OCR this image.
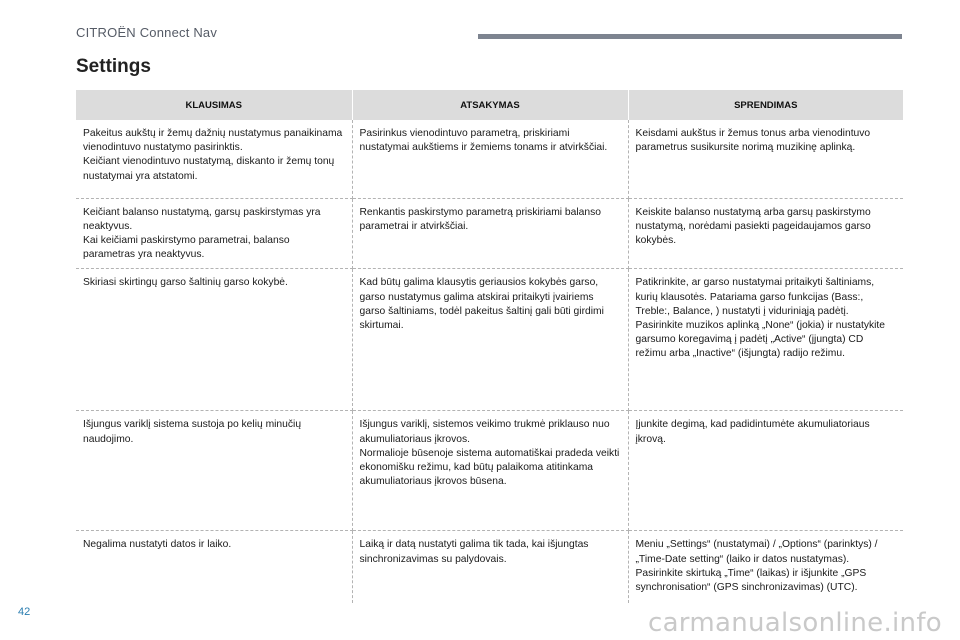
CITROËN Connect Nav
Settings
KLAUSIMAS	ATSAKYMAS	SPRENDIMAS

Pakeitus aukštų ir žemų dažnių nustatymus panaikinama vienodintuvo nustatymo pasirinktis.
Keičiant vienodintuvo nustatymą, diskanto ir žemų tonų nustatymai yra atstatomi.	Pasirinkus vienodintuvo parametrą, priskiriami nustatymai aukštiems ir žemiems tonams ir atvirkščiai.	Keisdami aukštus ir žemus tonus arba vienodintuvo parametrus susikursite norimą muzikinę aplinką.

Keičiant balanso nustatymą, garsų paskirstymas yra neaktyvus.
Kai keičiami paskirstymo parametrai, balanso parametras yra neaktyvus.	Renkantis paskirstymo parametrą priskiriami balanso parametrai ir atvirkščiai.	Keiskite balanso nustatymą arba garsų paskirstymo nustatymą, norėdami pasiekti pageidaujamos garso kokybės.

Skiriasi skirtingų garso šaltinių garso kokybė.	Kad būtų galima klausytis geriausios kokybės garso, garso nustatymus galima atskirai pritaikyti įvairiems garso šaltiniams, todėl pakeitus šaltinį gali būti girdimi skirtumai.	Patikrinkite, ar garso nustatymai pritaikyti šaltiniams, kurių klausotės. Patariama garso funkcijas (Bass:, Treble:, Balance, ) nustatyti į viduriniąją padėtį.
Pasirinkite muzikos aplinką „None“ (jokia) ir nustatykite garsumo koregavimą į padėtį „Active“ (įjungta) CD režimu arba „Inactive“ (išjungta) radijo režimu.

Išjungus variklį sistema sustoja po kelių minučių naudojimo.	Išjungus variklį, sistemos veikimo trukmė priklauso nuo akumuliatoriaus įkrovos.
Normalioje būsenoje sistema automatiškai pradeda veikti ekonomišku režimu, kad būtų palaikoma atitinkama akumuliatoriaus įkrovos būsena.	Įjunkite degimą, kad padidintumėte akumuliatoriaus įkrovą.

Negalima nustatyti datos ir laiko.	Laiką ir datą nustatyti galima tik tada, kai išjungtas sinchronizavimas su palydovais.	Meniu „Settings“ (nustatymai) / „Options“ (parinktys) / „Time-Date setting“ (laiko ir datos nustatymas).
Pasirinkite skirtuką „Time“ (laikas) ir išjunkite „GPS synchronisation“ (GPS sinchronizavimas) (UTC).
42	carmanualsonline.info
